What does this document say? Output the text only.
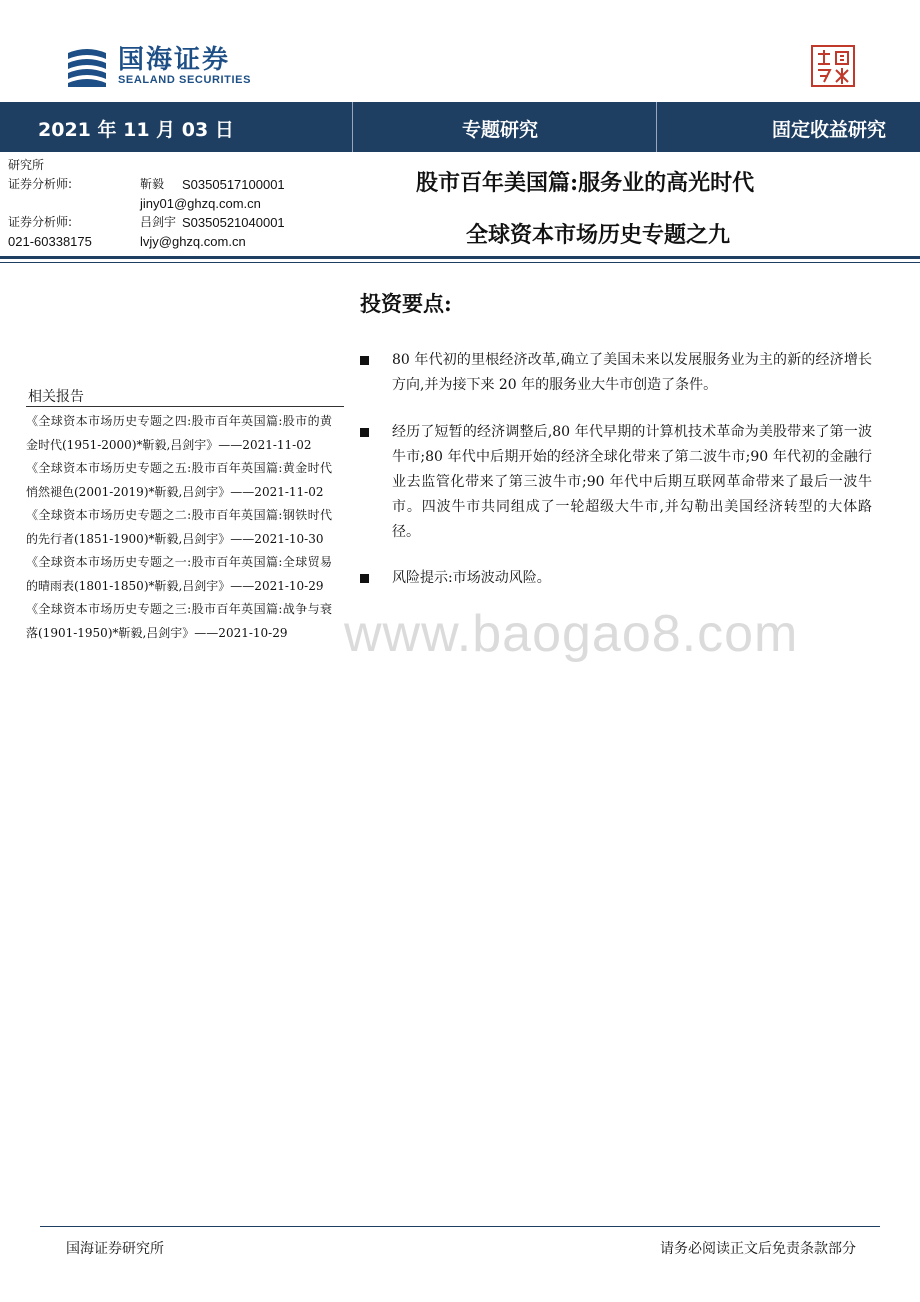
国海证券
SEALAND SECURITIES
2021 年 11 月 03 日	专题研究	固定收益研究
研究所
证券分析师:	靳毅 S0350517100001
jiny01@ghzq.com.cn
证券分析师:	吕剑宇 S0350521040001
021-60338175	lvjy@ghzq.com.cn
股市百年美国篇:服务业的高光时代
全球资本市场历史专题之九
投资要点:
80 年代初的里根经济改革,确立了美国未来以发展服务业为主的新的经济增长方向,并为接下来 20 年的服务业大牛市创造了条件。
经历了短暂的经济调整后,80 年代早期的计算机技术革命为美股带来了第一波牛市;80 年代中后期开始的经济全球化带来了第二波牛市;90 年代初的金融行业去监管化带来了第三波牛市;90 年代中后期互联网革命带来了最后一波牛市。四波牛市共同组成了一轮超级大牛市,并勾勒出美国经济转型的大体路径。
风险提示:市场波动风险。
相关报告
《全球资本市场历史专题之四:股市百年英国篇:股市的黄金时代(1951-2000)*靳毅,吕剑宇》——2021-11-02
《全球资本市场历史专题之五:股市百年英国篇:黄金时代悄然褪色(2001-2019)*靳毅,吕剑宇》——2021-11-02
《全球资本市场历史专题之二:股市百年英国篇:钢铁时代的先行者(1851-1900)*靳毅,吕剑宇》——2021-10-30
《全球资本市场历史专题之一:股市百年英国篇:全球贸易的晴雨表(1801-1850)*靳毅,吕剑宇》——2021-10-29
《全球资本市场历史专题之三:股市百年英国篇:战争与衰落(1901-1950)*靳毅,吕剑宇》——2021-10-29	www.baogao8.com
国海证券研究所	请务必阅读正文后免责条款部分
